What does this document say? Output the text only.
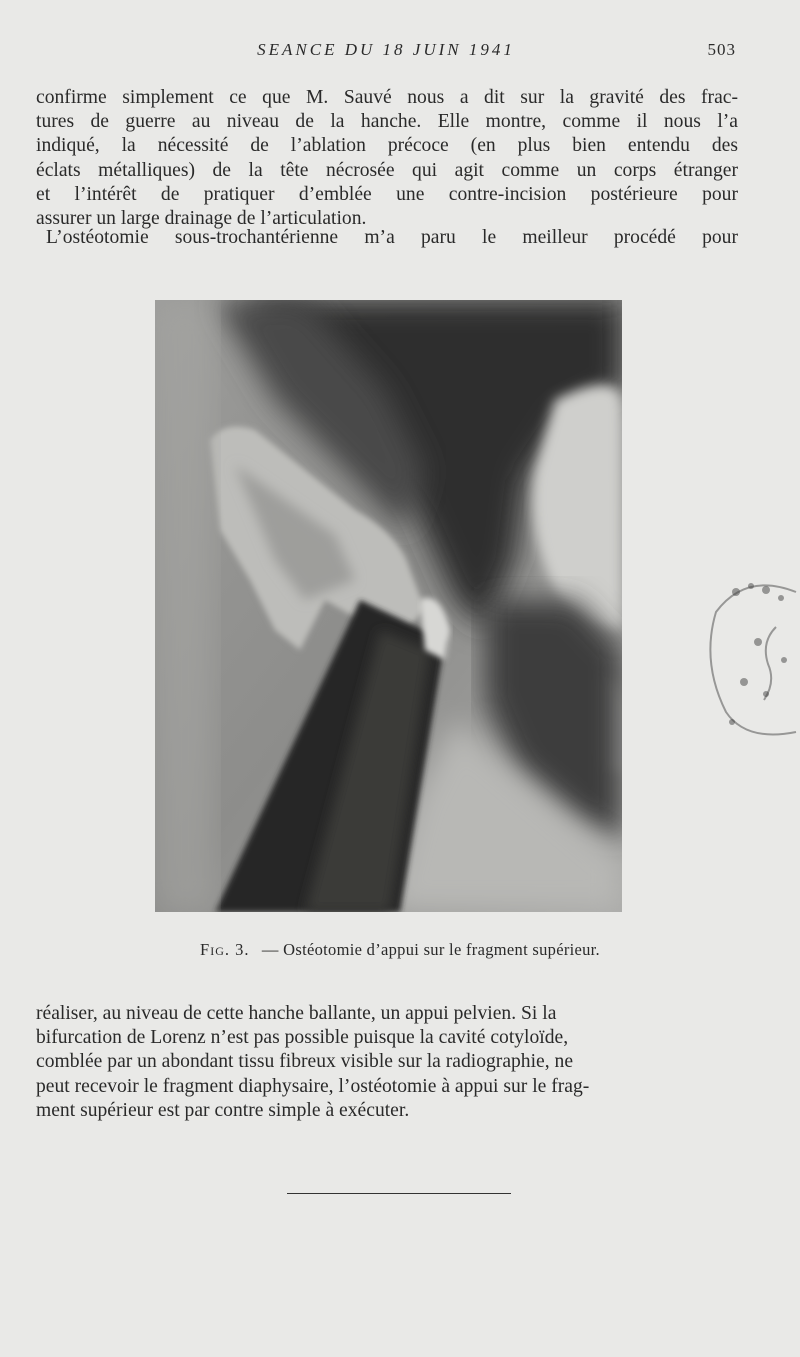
SEANCE DU 18 JUIN 1941	503
confirme simplement ce que M. Sauvé nous a dit sur la gravité des frac-
tures de guerre au niveau de la hanche. Elle montre, comme il nous l’a
indiqué, la nécessité de l’ablation précoce (en plus bien entendu des
éclats métalliques) de la tête nécrosée qui agit comme un corps étranger
et l’intérêt de pratiquer d’emblée une contre-incision postérieure pour
assurer un large drainage de l’articulation.
L’ostéotomie sous-trochantérienne m’a paru le meilleur procédé pour
Fig. 3. — Ostéotomie d’appui sur le fragment supérieur.
réaliser, au niveau de cette hanche ballante, un appui pelvien. Si la
bifurcation de Lorenz n’est pas possible puisque la cavité cotyloïde,
comblée par un abondant tissu fibreux visible sur la radiographie, ne
peut recevoir le fragment diaphysaire, l’ostéotomie à appui sur le frag-
ment supérieur est par contre simple à exécuter.
